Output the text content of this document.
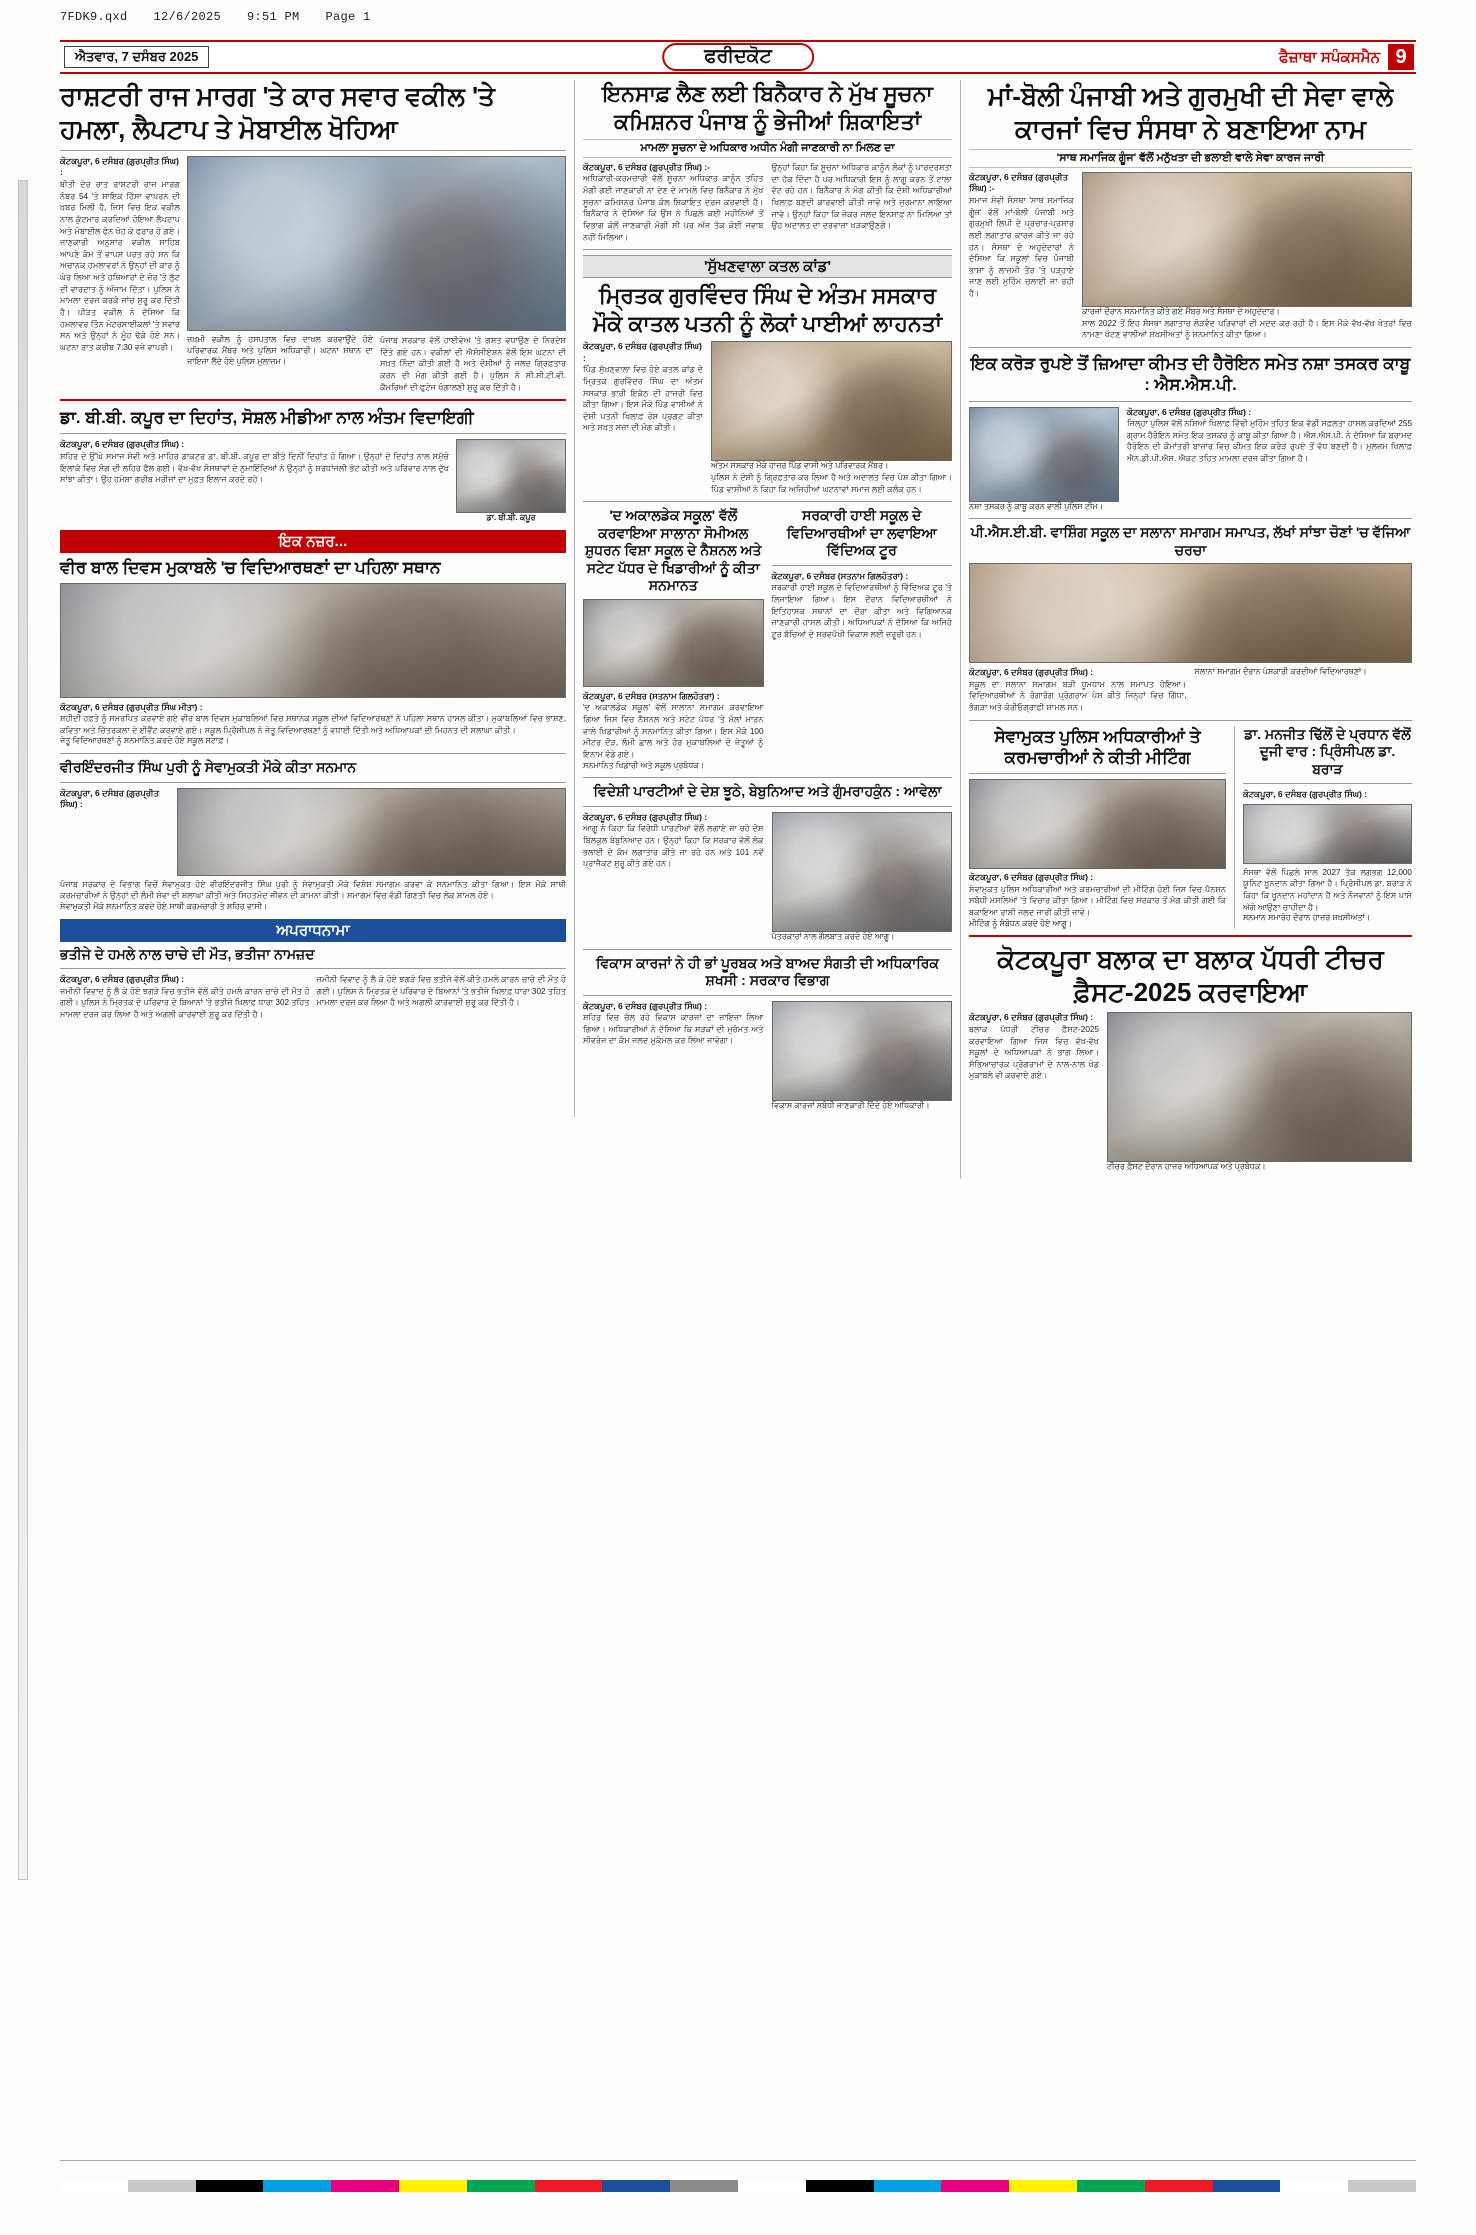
7FDK9.qxd 12/6/2025 9:51 PM Page 1
ਐਤਵਾਰ, 7 ਦਸੰਬਰ 2025	ਫਰੀਦਕੋਟ	ਫੈਜ਼ਾਥਾ ਸਪੰਕਸਮੈਨ 9
ਰਾਸ਼ਟਰੀ ਰਾਜ ਮਾਰਗ 'ਤੇ ਕਾਰ ਸਵਾਰ ਵਕੀਲ 'ਤੇ ਹਮਲਾ, ਲੈਪਟਾਪ ਤੇ ਮੋਬਾਈਲ ਖੋਹਿਆ
ਕੋਟਕਪੂਰਾ, 6 ਦਸੰਬਰ (ਗੁਰਪ੍ਰੀਤ ਸਿੰਘ) :
ਬੀਤੀ ਦੇਰ ਰਾਤ ਰਾਸ਼ਟਰੀ ਰਾਜ ਮਾਰਗ ਨੰਬਰ 54 'ਤੇ ਸਾਇਕ ਹਿੱਸਾ ਵਾਪਰਨ ਦੀ ਖ਼ਬਰ ਮਿਲੀ ਹੈ, ਜਿਸ ਵਿਚ ਇਕ ਵਕੀਲ ਨਾਲ ਕੁੱਟਮਾਰ ਕਰਦਿਆਂ ਹੋਇਆ ਲੈਪਟਾਪ ਅਤੇ ਮੋਬਾਈਲ ਫੋਨ ਖੋਹ ਕੇ ਫਰਾਰ ਹੋ ਗਏ। ਜਾਣਕਾਰੀ ਅਨੁਸਾਰ ਵਕੀਲ ਸਾਹਿਬ ਆਪਣੇ ਕੰਮ ਤੋਂ ਵਾਪਸ ਪਰਤ ਰਹੇ ਸਨ ਕਿ ਅਚਾਨਕ ਹਮਲਾਵਰਾਂ ਨੇ ਉਨ੍ਹਾਂ ਦੀ ਕਾਰ ਨੂੰ ਘੇਰ ਲਿਆ ਅਤੇ ਹਥਿਆਰਾਂ ਦੇ ਜ਼ੋਰ 'ਤੇ ਲੁੱਟ ਦੀ ਵਾਰਦਾਤ ਨੂੰ ਅੰਜਾਮ ਦਿੱਤਾ। ਪੁਲਿਸ ਨੇ ਮਾਮਲਾ ਦਰਜ ਕਰਕੇ ਜਾਂਚ ਸ਼ੁਰੂ ਕਰ ਦਿੱਤੀ ਹੈ। ਪੀੜਤ ਵਕੀਲ ਨੇ ਦੱਸਿਆ ਕਿ ਹਮਲਾਵਰ ਤਿੰਨ ਮੋਟਰਸਾਈਕਲਾਂ 'ਤੇ ਸਵਾਰ ਸਨ ਅਤੇ ਉਨ੍ਹਾਂ ਨੇ ਮੂੰਹ ਢੱਕੇ ਹੋਏ ਸਨ। ਘਟਨਾ ਰਾਤ ਕਰੀਬ 7:30 ਵਜੇ ਵਾਪਰੀ।
ਜ਼ਖ਼ਮੀ ਵਕੀਲ ਨੂੰ ਹਸਪਤਾਲ ਵਿਚ ਦਾਖਲ ਕਰਵਾਉਂਦੇ ਹੋਏ ਪਰਿਵਾਰਕ ਮੈਂਬਰ ਅਤੇ ਪੁਲਿਸ ਅਧਿਕਾਰੀ। ਘਟਨਾ ਸਥਾਨ ਦਾ ਜਾਇਜ਼ਾ ਲੈਂਦੇ ਹੋਏ ਪੁਲਿਸ ਮੁਲਾਜ਼ਮ।
ਪੰਜਾਬ ਸਰਕਾਰ ਵੱਲੋਂ ਹਾਈਵੇਅ 'ਤੇ ਗਸ਼ਤ ਵਧਾਉਣ ਦੇ ਨਿਰਦੇਸ਼ ਦਿੱਤੇ ਗਏ ਹਨ। ਵਕੀਲਾਂ ਦੀ ਐਸੋਸੀਏਸ਼ਨ ਵੱਲੋਂ ਇਸ ਘਟਨਾ ਦੀ ਸਖ਼ਤ ਨਿੰਦਾ ਕੀਤੀ ਗਈ ਹੈ ਅਤੇ ਦੋਸ਼ੀਆਂ ਨੂੰ ਜਲਦ ਗ੍ਰਿਫ਼ਤਾਰ ਕਰਨ ਦੀ ਮੰਗ ਕੀਤੀ ਗਈ ਹੈ। ਪੁਲਿਸ ਨੇ ਸੀ.ਸੀ.ਟੀ.ਵੀ. ਕੈਮਰਿਆਂ ਦੀ ਫੁਟੇਜ ਖੰਗਾਲਣੀ ਸ਼ੁਰੂ ਕਰ ਦਿੱਤੀ ਹੈ।
ਡਾ. ਬੀ.ਬੀ. ਕਪੂਰ ਦਾ ਦਿਹਾਂਤ, ਸੋਸ਼ਲ ਮੀਡੀਆ ਨਾਲ ਅੰਤਮ ਵਿਦਾਇਗੀ
ਕੋਟਕਪੂਰਾ, 6 ਦਸੰਬਰ (ਗੁਰਪ੍ਰੀਤ ਸਿੰਘ) :
ਸ਼ਹਿਰ ਦੇ ਉੱਘੇ ਸਮਾਜ ਸੇਵੀ ਅਤੇ ਮਾਹਿਰ ਡਾਕਟਰ ਡਾ. ਬੀ.ਬੀ. ਕਪੂਰ ਦਾ ਬੀਤੇ ਦਿਨੀਂ ਦਿਹਾਂਤ ਹੋ ਗਿਆ। ਉਨ੍ਹਾਂ ਦੇ ਦਿਹਾਂਤ ਨਾਲ ਸਮੁੱਚੇ ਇਲਾਕੇ ਵਿਚ ਸੋਗ ਦੀ ਲਹਿਰ ਫੈਲ ਗਈ। ਵੱਖ-ਵੱਖ ਸੰਸਥਾਵਾਂ ਦੇ ਨੁਮਾਇੰਦਿਆਂ ਨੇ ਉਨ੍ਹਾਂ ਨੂੰ ਸ਼ਰਧਾਂਜਲੀ ਭੇਟ ਕੀਤੀ ਅਤੇ ਪਰਿਵਾਰ ਨਾਲ ਦੁੱਖ ਸਾਂਝਾ ਕੀਤਾ। ਉਹ ਹਮੇਸ਼ਾ ਗਰੀਬ ਮਰੀਜ਼ਾਂ ਦਾ ਮੁਫ਼ਤ ਇਲਾਜ ਕਰਦੇ ਰਹੇ।
ਡਾ. ਬੀ.ਬੀ. ਕਪੂਰ
ਇਕ ਨਜ਼ਰ...
ਵੀਰ ਬਾਲ ਦਿਵਸ ਮੁਕਾਬਲੇ 'ਚ ਵਿਦਿਆਰਥਣਾਂ ਦਾ ਪਹਿਲਾ ਸਥਾਨ
ਕੋਟਕਪੂਰਾ, 6 ਦਸੰਬਰ (ਗੁਰਪ੍ਰੀਤ ਸਿੰਘ ਮੀਤਾ) :
ਸ਼ਹੀਦੀ ਹਫ਼ਤੇ ਨੂੰ ਸਮਰਪਿਤ ਕਰਵਾਏ ਗਏ ਵੀਰ ਬਾਲ ਦਿਵਸ ਮੁਕਾਬਲਿਆਂ ਵਿਚ ਸਥਾਨਕ ਸਕੂਲ ਦੀਆਂ ਵਿਦਿਆਰਥਣਾਂ ਨੇ ਪਹਿਲਾ ਸਥਾਨ ਹਾਸਲ ਕੀਤਾ। ਮੁਕਾਬਲਿਆਂ ਵਿਚ ਭਾਸ਼ਣ, ਕਵਿਤਾ ਅਤੇ ਚਿੱਤਰਕਲਾ ਦੇ ਈਵੈਂਟ ਕਰਵਾਏ ਗਏ। ਸਕੂਲ ਪ੍ਰਿੰਸੀਪਲ ਨੇ ਜੇਤੂ ਵਿਦਿਆਰਥਣਾਂ ਨੂੰ ਵਧਾਈ ਦਿੱਤੀ ਅਤੇ ਅਧਿਆਪਕਾਂ ਦੀ ਮਿਹਨਤ ਦੀ ਸ਼ਲਾਘਾ ਕੀਤੀ।
ਜੇਤੂ ਵਿਦਿਆਰਥਣਾਂ ਨੂੰ ਸਨਮਾਨਿਤ ਕਰਦੇ ਹੋਏ ਸਕੂਲ ਸਟਾਫ਼।
ਵੀਰਇੰਦਰਜੀਤ ਸਿੰਘ ਪੁਰੀ ਨੂੰ ਸੇਵਾਮੁਕਤੀ ਮੌਕੇ ਕੀਤਾ ਸਨਮਾਨ
ਕੋਟਕਪੂਰਾ, 6 ਦਸੰਬਰ (ਗੁਰਪ੍ਰੀਤ ਸਿੰਘ) :
ਪੰਜਾਬ ਸਰਕਾਰ ਦੇ ਵਿਭਾਗ ਵਿਚੋਂ ਸੇਵਾਮੁਕਤ ਹੋਏ ਵੀਰਇੰਦਰਜੀਤ ਸਿੰਘ ਪੁਰੀ ਨੂੰ ਸੇਵਾਮੁਕਤੀ ਮੌਕੇ ਵਿਸ਼ੇਸ਼ ਸਮਾਗਮ ਕਰਵਾ ਕੇ ਸਨਮਾਨਿਤ ਕੀਤਾ ਗਿਆ। ਇਸ ਮੌਕੇ ਸਾਥੀ ਕਰਮਚਾਰੀਆਂ ਨੇ ਉਨ੍ਹਾਂ ਦੀ ਲੰਮੀ ਸੇਵਾ ਦੀ ਸ਼ਲਾਘਾ ਕੀਤੀ ਅਤੇ ਸਿਹਤਮੰਦ ਜੀਵਨ ਦੀ ਕਾਮਨਾ ਕੀਤੀ। ਸਮਾਗਮ ਵਿਚ ਵੱਡੀ ਗਿਣਤੀ ਵਿਚ ਲੋਕ ਸ਼ਾਮਲ ਹੋਏ।
ਸੇਵਾਮੁਕਤੀ ਮੌਕੇ ਸਨਮਾਨਿਤ ਕਰਦੇ ਹੋਏ ਸਾਥੀ ਕਰਮਚਾਰੀ ਤੇ ਸ਼ਹਿਰ ਵਾਸੀ।
ਅਪਰਾਧਨਾਮਾ
ਭਤੀਜੇ ਦੇ ਹਮਲੇ ਨਾਲ ਚਾਚੇ ਦੀ ਮੌਤ, ਭਤੀਜਾ ਨਾਮਜ਼ਦ
ਕੋਟਕਪੂਰਾ, 6 ਦਸੰਬਰ (ਗੁਰਪ੍ਰੀਤ ਸਿੰਘ) :
ਜ਼ਮੀਨੀ ਵਿਵਾਦ ਨੂੰ ਲੈ ਕੇ ਹੋਏ ਝਗੜੇ ਵਿਚ ਭਤੀਜੇ ਵੱਲੋਂ ਕੀਤੇ ਹਮਲੇ ਕਾਰਨ ਚਾਚੇ ਦੀ ਮੌਤ ਹੋ ਗਈ। ਪੁਲਿਸ ਨੇ ਮ੍ਰਿਤਕ ਦੇ ਪਰਿਵਾਰ ਦੇ ਬਿਆਨਾਂ 'ਤੇ ਭਤੀਜੇ ਖਿਲਾਫ਼ ਧਾਰਾ 302 ਤਹਿਤ ਮਾਮਲਾ ਦਰਜ ਕਰ ਲਿਆ ਹੈ ਅਤੇ ਅਗਲੀ ਕਾਰਵਾਈ ਸ਼ੁਰੂ ਕਰ ਦਿੱਤੀ ਹੈ।
ਜ਼ਮੀਨੀ ਵਿਵਾਦ ਨੂੰ ਲੈ ਕੇ ਹੋਏ ਝਗੜੇ ਵਿਚ ਭਤੀਜੇ ਵੱਲੋਂ ਕੀਤੇ ਹਮਲੇ ਕਾਰਨ ਚਾਚੇ ਦੀ ਮੌਤ ਹੋ ਗਈ। ਪੁਲਿਸ ਨੇ ਮ੍ਰਿਤਕ ਦੇ ਪਰਿਵਾਰ ਦੇ ਬਿਆਨਾਂ 'ਤੇ ਭਤੀਜੇ ਖਿਲਾਫ਼ ਧਾਰਾ 302 ਤਹਿਤ ਮਾਮਲਾ ਦਰਜ ਕਰ ਲਿਆ ਹੈ ਅਤੇ ਅਗਲੀ ਕਾਰਵਾਈ ਸ਼ੁਰੂ ਕਰ ਦਿੱਤੀ ਹੈ।
ਇਨਸਾਫ਼ ਲੈਣ ਲਈ ਬਿਨੈਕਾਰ ਨੇ ਮੁੱਖ ਸੂਚਨਾ ਕਮਿਸ਼ਨਰ ਪੰਜਾਬ ਨੂੰ ਭੇਜੀਆਂ ਸ਼ਿਕਾਇਤਾਂ
ਮਾਮਲਾ ਸੂਚਨਾ ਦੇ ਅਧਿਕਾਰ ਅਧੀਨ ਮੰਗੀ ਜਾਣਕਾਰੀ ਨਾ ਮਿਲਣ ਦਾ
ਕੋਟਕਪੂਰਾ, 6 ਦਸੰਬਰ (ਗੁਰਪ੍ਰੀਤ ਸਿੰਘ) :-
ਅਧਿਕਾਰੀ-ਕਰਮਚਾਰੀ ਵੱਲੋਂ ਸੂਚਨਾ ਅਧਿਕਾਰ ਕਾਨੂੰਨ ਤਹਿਤ ਮੰਗੀ ਗਈ ਜਾਣਕਾਰੀ ਨਾ ਦੇਣ ਦੇ ਮਾਮਲੇ ਵਿਚ ਬਿਨੈਕਾਰ ਨੇ ਮੁੱਖ ਸੂਚਨਾ ਕਮਿਸ਼ਨਰ ਪੰਜਾਬ ਕੋਲ ਸ਼ਿਕਾਇਤ ਦਰਜ ਕਰਵਾਈ ਹੈ। ਬਿਨੈਕਾਰ ਨੇ ਦੱਸਿਆ ਕਿ ਉਸ ਨੇ ਪਿਛਲੇ ਕਈ ਮਹੀਨਿਆਂ ਤੋਂ ਵਿਭਾਗ ਕੋਲੋਂ ਜਾਣਕਾਰੀ ਮੰਗੀ ਸੀ ਪਰ ਅੱਜ ਤੱਕ ਕੋਈ ਜਵਾਬ ਨਹੀਂ ਮਿਲਿਆ।
ਉਨ੍ਹਾਂ ਕਿਹਾ ਕਿ ਸੂਚਨਾ ਅਧਿਕਾਰ ਕਾਨੂੰਨ ਲੋਕਾਂ ਨੂੰ ਪਾਰਦਰਸ਼ਤਾ ਦਾ ਹੱਕ ਦਿੰਦਾ ਹੈ ਪਰ ਅਧਿਕਾਰੀ ਇਸ ਨੂੰ ਲਾਗੂ ਕਰਨ ਤੋਂ ਟਾਲਾ ਵੱਟ ਰਹੇ ਹਨ। ਬਿਨੈਕਾਰ ਨੇ ਮੰਗ ਕੀਤੀ ਕਿ ਦੋਸ਼ੀ ਅਧਿਕਾਰੀਆਂ ਖਿਲਾਫ਼ ਬਣਦੀ ਕਾਰਵਾਈ ਕੀਤੀ ਜਾਵੇ ਅਤੇ ਜੁਰਮਾਨਾ ਲਾਇਆ ਜਾਵੇ। ਉਨ੍ਹਾਂ ਕਿਹਾ ਕਿ ਜੇਕਰ ਜਲਦ ਇਨਸਾਫ਼ ਨਾ ਮਿਲਿਆ ਤਾਂ ਉਹ ਅਦਾਲਤ ਦਾ ਦਰਵਾਜ਼ਾ ਖੜਕਾਉਣਗੇ।
'ਸੁੱਖਣਵਾਲਾ ਕਤਲ ਕਾਂਡ'
ਮ੍ਰਿਤਕ ਗੁਰਵਿੰਦਰ ਸਿੰਘ ਦੇ ਅੰਤਮ ਸਸਕਾਰ ਮੌਕੇ ਕਾਤਲ ਪਤਨੀ ਨੂੰ ਲੋਕਾਂ ਪਾਈਆਂ ਲਾਹਨਤਾਂ
ਕੋਟਕਪੂਰਾ, 6 ਦਸੰਬਰ (ਗੁਰਪ੍ਰੀਤ ਸਿੰਘ) :
ਪਿੰਡ ਸੁੱਖਣਵਾਲਾ ਵਿਚ ਹੋਏ ਕਤਲ ਕਾਂਡ ਦੇ ਮ੍ਰਿਤਕ ਗੁਰਵਿੰਦਰ ਸਿੰਘ ਦਾ ਅੰਤਮ ਸਸਕਾਰ ਭਾਰੀ ਇਕੱਠ ਦੀ ਹਾਜ਼ਰੀ ਵਿਚ ਕੀਤਾ ਗਿਆ। ਇਸ ਮੌਕੇ ਪਿੰਡ ਵਾਸੀਆਂ ਨੇ ਦੋਸ਼ੀ ਪਤਨੀ ਖਿਲਾਫ਼ ਰੋਸ ਪ੍ਰਗਟ ਕੀਤਾ ਅਤੇ ਸਖ਼ਤ ਸਜ਼ਾ ਦੀ ਮੰਗ ਕੀਤੀ।
ਅੰਤਮ ਸਸਕਾਰ ਮੌਕੇ ਹਾਜ਼ਰ ਪਿੰਡ ਵਾਸੀ ਅਤੇ ਪਰਿਵਾਰਕ ਮੈਂਬਰ।
ਪੁਲਿਸ ਨੇ ਦੋਸ਼ੀ ਨੂੰ ਗ੍ਰਿਫ਼ਤਾਰ ਕਰ ਲਿਆ ਹੈ ਅਤੇ ਅਦਾਲਤ ਵਿਚ ਪੇਸ਼ ਕੀਤਾ ਗਿਆ। ਪਿੰਡ ਵਾਸੀਆਂ ਨੇ ਕਿਹਾ ਕਿ ਅਜਿਹੀਆਂ ਘਟਨਾਵਾਂ ਸਮਾਜ ਲਈ ਕਲੰਕ ਹਨ।
'ਦ ਅਕਾਲਡੇਕ ਸਕੂਲ' ਵੱਲੋਂ ਕਰਵਾਇਆ ਸਾਲਾਨਾ ਸੋਮੀਅਲ ਸ਼ੁਧਰਨ ਵਿਸ਼ਾ ਸਕੂਲ ਦੇ ਨੈਸ਼ਨਲ ਅਤੇ ਸਟੇਟ ਪੱਧਰ ਦੇ ਖਿਡਾਰੀਆਂ ਨੂੰ ਕੀਤਾ ਸਨਮਾਨਤ
ਕੋਟਕਪੂਰਾ, 6 ਦਸੰਬਰ (ਸਤਨਾਮ ਗਿਲਹੋਤਰਾ) :
'ਦ ਅਕਾਲਡੇਕ ਸਕੂਲ' ਵੱਲੋਂ ਸਾਲਾਨਾ ਸਮਾਗਮ ਕਰਵਾਇਆ ਗਿਆ ਜਿਸ ਵਿਚ ਨੈਸ਼ਨਲ ਅਤੇ ਸਟੇਟ ਪੱਧਰ 'ਤੇ ਮੱਲਾਂ ਮਾਰਨ ਵਾਲੇ ਖਿਡਾਰੀਆਂ ਨੂੰ ਸਨਮਾਨਿਤ ਕੀਤਾ ਗਿਆ। ਇਸ ਮੌਕੇ 100 ਮੀਟਰ ਦੌੜ, ਲੰਮੀ ਛਾਲ ਅਤੇ ਹੋਰ ਮੁਕਾਬਲਿਆਂ ਦੇ ਜੇਤੂਆਂ ਨੂੰ ਇਨਾਮ ਵੰਡੇ ਗਏ।
ਸਨਮਾਨਿਤ ਖਿਡਾਰੀ ਅਤੇ ਸਕੂਲ ਪ੍ਰਬੰਧਕ।
ਸਰਕਾਰੀ ਹਾਈ ਸਕੂਲ ਦੇ ਵਿਦਿਆਰਥੀਆਂ ਦਾ ਲਵਾਇਆ ਵਿੱਦਿਅਕ ਟੂਰ
ਕੋਟਕਪੂਰਾ, 6 ਦਸੰਬਰ (ਸਤਨਾਮ ਗਿਲਹੋਤਰਾ) :
ਸਰਕਾਰੀ ਹਾਈ ਸਕੂਲ ਦੇ ਵਿਦਿਆਰਥੀਆਂ ਨੂੰ ਵਿੱਦਿਅਕ ਟੂਰ 'ਤੇ ਲਿਜਾਇਆ ਗਿਆ। ਇਸ ਦੌਰਾਨ ਵਿਦਿਆਰਥੀਆਂ ਨੇ ਇਤਿਹਾਸਕ ਸਥਾਨਾਂ ਦਾ ਦੌਰਾ ਕੀਤਾ ਅਤੇ ਵਿਗਿਆਨਕ ਜਾਣਕਾਰੀ ਹਾਸਲ ਕੀਤੀ। ਅਧਿਆਪਕਾਂ ਨੇ ਦੱਸਿਆ ਕਿ ਅਜਿਹੇ ਟੂਰ ਬੱਚਿਆਂ ਦੇ ਸਰਵਪੱਖੀ ਵਿਕਾਸ ਲਈ ਜ਼ਰੂਰੀ ਹਨ।
ਵਿਦੇਸ਼ੀ ਪਾਰਟੀਆਂ ਦੇ ਦੇਸ਼ ਝੂਠੇ, ਬੇਬੁਨਿਆਦ ਅਤੇ ਗੁੰਮਰਾਹਕੁੰਨ : ਆਵੇਲਾ
ਕੋਟਕਪੂਰਾ, 6 ਦਸੰਬਰ (ਗੁਰਪ੍ਰੀਤ ਸਿੰਘ) :
ਆਗੂ ਨੇ ਕਿਹਾ ਕਿ ਵਿਰੋਧੀ ਪਾਰਟੀਆਂ ਵੱਲੋਂ ਲਗਾਏ ਜਾ ਰਹੇ ਦੋਸ਼ ਬਿਲਕੁਲ ਬੇਬੁਨਿਆਦ ਹਨ। ਉਨ੍ਹਾਂ ਕਿਹਾ ਕਿ ਸਰਕਾਰ ਵੱਲੋਂ ਲੋਕ ਭਲਾਈ ਦੇ ਕੰਮ ਲਗਾਤਾਰ ਕੀਤੇ ਜਾ ਰਹੇ ਹਨ ਅਤੇ 101 ਨਵੇਂ ਪ੍ਰਾਜੈਕਟ ਸ਼ੁਰੂ ਕੀਤੇ ਗਏ ਹਨ।
ਪੱਤਰਕਾਰਾਂ ਨਾਲ ਗੱਲਬਾਤ ਕਰਦੇ ਹੋਏ ਆਗੂ।
ਵਿਕਾਸ ਕਾਰਜਾਂ ਨੇ ਹੀ ਭਾਂ ਪੂਰਬਕ ਅਤੇ ਬਾਅਦ ਸੰਗਤੀ ਦੀ ਅਧਿਕਾਰਿਕ ਸ਼ਖਸੀ : ਸਰਕਾਰ ਵਿਭਾਗ
ਕੋਟਕਪੂਰਾ, 6 ਦਸੰਬਰ (ਗੁਰਪ੍ਰੀਤ ਸਿੰਘ) :
ਸ਼ਹਿਰ ਵਿਚ ਚੱਲ ਰਹੇ ਵਿਕਾਸ ਕਾਰਜਾਂ ਦਾ ਜਾਇਜ਼ਾ ਲਿਆ ਗਿਆ। ਅਧਿਕਾਰੀਆਂ ਨੇ ਦੱਸਿਆ ਕਿ ਸੜਕਾਂ ਦੀ ਮੁਰੰਮਤ ਅਤੇ ਸੀਵਰੇਜ ਦਾ ਕੰਮ ਜਲਦ ਮੁਕੰਮਲ ਕਰ ਲਿਆ ਜਾਵੇਗਾ।
ਵਿਕਾਸ ਕਾਰਜਾਂ ਸਬੰਧੀ ਜਾਣਕਾਰੀ ਦਿੰਦੇ ਹੋਏ ਅਧਿਕਾਰੀ।
ਮਾਂ-ਬੋਲੀ ਪੰਜਾਬੀ ਅਤੇ ਗੁਰਮੁਖੀ ਦੀ ਸੇਵਾ ਵਾਲੇ ਕਾਰਜਾਂ ਵਿਚ ਸੰਸਥਾ ਨੇ ਬਣਾਇਆ ਨਾਮ
'ਸਾਥ ਸਮਾਜਿਕ ਗੂੰਜ' ਵੱਲੋਂ ਮਨੁੱਖਤਾ ਦੀ ਭਲਾਈ ਵਾਲੇ ਸੇਵਾ ਕਾਰਜ ਜਾਰੀ
ਕੋਟਕਪੂਰਾ, 6 ਦਸੰਬਰ (ਗੁਰਪ੍ਰੀਤ ਸਿੰਘ) :-
ਸਮਾਜ ਸੇਵੀ ਸੰਸਥਾ 'ਸਾਥ ਸਮਾਜਿਕ ਗੂੰਜ' ਵੱਲੋਂ ਮਾਂ-ਬੋਲੀ ਪੰਜਾਬੀ ਅਤੇ ਗੁਰਮੁਖੀ ਲਿਪੀ ਦੇ ਪ੍ਰਚਾਰ-ਪ੍ਰਸਾਰ ਲਈ ਲਗਾਤਾਰ ਕਾਰਜ ਕੀਤੇ ਜਾ ਰਹੇ ਹਨ। ਸੰਸਥਾ ਦੇ ਅਹੁਦੇਦਾਰਾਂ ਨੇ ਦੱਸਿਆ ਕਿ ਸਕੂਲਾਂ ਵਿਚ ਪੰਜਾਬੀ ਭਾਸ਼ਾ ਨੂੰ ਲਾਜ਼ਮੀ ਤੌਰ 'ਤੇ ਪੜ੍ਹਾਏ ਜਾਣ ਲਈ ਮੁਹਿੰਮ ਚਲਾਈ ਜਾ ਰਹੀ ਹੈ।
ਕਾਰਜਾਂ ਦੌਰਾਨ ਸਨਮਾਨਿਤ ਕੀਤੇ ਗਏ ਮੈਂਬਰ ਅਤੇ ਸੰਸਥਾ ਦੇ ਅਹੁਦੇਦਾਰ।
ਸਾਲ 2022 ਤੋਂ ਇਹ ਸੰਸਥਾ ਲਗਾਤਾਰ ਲੋੜਵੰਦ ਪਰਿਵਾਰਾਂ ਦੀ ਮਦਦ ਕਰ ਰਹੀ ਹੈ। ਇਸ ਮੌਕੇ ਵੱਖ-ਵੱਖ ਖੇਤਰਾਂ ਵਿਚ ਨਾਮਣਾ ਖੱਟਣ ਵਾਲੀਆਂ ਸ਼ਖ਼ਸੀਅਤਾਂ ਨੂੰ ਸਨਮਾਨਿਤ ਕੀਤਾ ਗਿਆ।
ਇਕ ਕਰੋੜ ਰੁਪਏ ਤੋਂ ਜ਼ਿਆਦਾ ਕੀਮਤ ਦੀ ਹੈਰੋਇਨ ਸਮੇਤ ਨਸ਼ਾ ਤਸਕਰ ਕਾਬੂ : ਐਸ.ਐਸ.ਪੀ.
ਨਸ਼ਾ ਤਸਕਰ ਨੂੰ ਕਾਬੂ ਕਰਨ ਵਾਲੀ ਪੁਲਿਸ ਟੀਮ।
ਕੋਟਕਪੂਰਾ, 6 ਦਸੰਬਰ (ਗੁਰਪ੍ਰੀਤ ਸਿੰਘ) :
ਜ਼ਿਲ੍ਹਾ ਪੁਲਿਸ ਵੱਲੋਂ ਨਸ਼ਿਆਂ ਖਿਲਾਫ਼ ਵਿੱਢੀ ਮੁਹਿੰਮ ਤਹਿਤ ਇਕ ਵੱਡੀ ਸਫ਼ਲਤਾ ਹਾਸਲ ਕਰਦਿਆਂ 255 ਗ੍ਰਾਮ ਹੈਰੋਇਨ ਸਮੇਤ ਇਕ ਤਸਕਰ ਨੂੰ ਕਾਬੂ ਕੀਤਾ ਗਿਆ ਹੈ। ਐਸ.ਐਸ.ਪੀ. ਨੇ ਦੱਸਿਆ ਕਿ ਬਰਾਮਦ ਹੈਰੋਇਨ ਦੀ ਕੌਮਾਂਤਰੀ ਬਾਜ਼ਾਰ ਵਿਚ ਕੀਮਤ ਇਕ ਕਰੋੜ ਰੁਪਏ ਤੋਂ ਵੱਧ ਬਣਦੀ ਹੈ। ਮੁਲਜ਼ਮ ਖਿਲਾਫ਼ ਐਨ.ਡੀ.ਪੀ.ਐਸ. ਐਕਟ ਤਹਿਤ ਮਾਮਲਾ ਦਰਜ ਕੀਤਾ ਗਿਆ ਹੈ।
ਪੀ.ਐਸ.ਈ.ਬੀ. ਵਾਸ਼ਿੰਗ ਸਕੂਲ ਦਾ ਸਲਾਨਾ ਸਮਾਗਮ ਸਮਾਪਤ, ਲੱਖਾਂ ਸਾਂਝਾ ਚੋਣਾਂ 'ਚ ਵੱਜਿਆ ਚਰਚਾ
ਕੋਟਕਪੂਰਾ, 6 ਦਸੰਬਰ (ਗੁਰਪ੍ਰੀਤ ਸਿੰਘ) :
ਸਕੂਲ ਦਾ ਸਲਾਨਾ ਸਮਾਗਮ ਬੜੀ ਧੂਮਧਾਮ ਨਾਲ ਸਮਾਪਤ ਹੋਇਆ। ਵਿਦਿਆਰਥੀਆਂ ਨੇ ਰੰਗਾਰੰਗ ਪ੍ਰੋਗਰਾਮ ਪੇਸ਼ ਕੀਤੇ ਜਿਨ੍ਹਾਂ ਵਿਚ ਗਿੱਧਾ, ਭੰਗੜਾ ਅਤੇ ਕੋਰੀਓਗ੍ਰਾਫੀ ਸ਼ਾਮਲ ਸਨ।
ਸਲਾਨਾ ਸਮਾਗਮ ਦੌਰਾਨ ਪੇਸ਼ਕਾਰੀ ਕਰਦੀਆਂ ਵਿਦਿਆਰਥਣਾਂ।
ਸੇਵਾਮੁਕਤ ਪੁਲਿਸ ਅਧਿਕਾਰੀਆਂ ਤੇ ਕਰਮਚਾਰੀਆਂ ਨੇ ਕੀਤੀ ਮੀਟਿੰਗ
ਕੋਟਕਪੂਰਾ, 6 ਦਸੰਬਰ (ਗੁਰਪ੍ਰੀਤ ਸਿੰਘ) :
ਸੇਵਾਮੁਕਤ ਪੁਲਿਸ ਅਧਿਕਾਰੀਆਂ ਅਤੇ ਕਰਮਚਾਰੀਆਂ ਦੀ ਮੀਟਿੰਗ ਹੋਈ ਜਿਸ ਵਿਚ ਪੈਨਸ਼ਨ ਸਬੰਧੀ ਮਸਲਿਆਂ 'ਤੇ ਵਿਚਾਰ ਕੀਤਾ ਗਿਆ। ਮੀਟਿੰਗ ਵਿਚ ਸਰਕਾਰ ਤੋਂ ਮੰਗ ਕੀਤੀ ਗਈ ਕਿ ਬਕਾਇਆ ਰਾਸ਼ੀ ਜਲਦ ਜਾਰੀ ਕੀਤੀ ਜਾਵੇ।
ਮੀਟਿੰਗ ਨੂੰ ਸੰਬੋਧਨ ਕਰਦੇ ਹੋਏ ਆਗੂ।
ਡਾ. ਮਨਜੀਤ ਢਿੱਲੋਂ ਦੇ ਪ੍ਰਧਾਨ ਵੱਲੋਂ ਦੂਜੀ ਵਾਰ : ਪ੍ਰਿੰਸੀਪਲ ਡਾ. ਬਰਾੜ
ਕੋਟਕਪੂਰਾ, 6 ਦਸੰਬਰ (ਗੁਰਪ੍ਰੀਤ ਸਿੰਘ) :
ਸੰਸਥਾ ਵੱਲੋਂ ਪਿਛਲੇ ਸਾਲ 2027 ਤੱਕ ਲਗਭਗ 12,000 ਯੂਨਿਟ ਖ਼ੂਨਦਾਨ ਕੀਤਾ ਗਿਆ ਹੈ। ਪ੍ਰਿੰਸੀਪਲ ਡਾ. ਬਰਾੜ ਨੇ ਕਿਹਾ ਕਿ ਖ਼ੂਨਦਾਨ ਮਹਾਂਦਾਨ ਹੈ ਅਤੇ ਨੌਜਵਾਨਾਂ ਨੂੰ ਇਸ ਪਾਸੇ ਅੱਗੇ ਆਉਣਾ ਚਾਹੀਦਾ ਹੈ।
ਸਨਮਾਨ ਸਮਾਰੋਹ ਦੌਰਾਨ ਹਾਜ਼ਰ ਸ਼ਖ਼ਸੀਅਤਾਂ।
ਕੋਟਕਪੂਰਾ ਬਲਾਕ ਦਾ ਬਲਾਕ ਪੱਧਰੀ ਟੀਚਰ ਫ਼ੈਸਟ-2025 ਕਰਵਾਇਆ
ਕੋਟਕਪੂਰਾ, 6 ਦਸੰਬਰ (ਗੁਰਪ੍ਰੀਤ ਸਿੰਘ) :
ਬਲਾਕ ਪੱਧਰੀ ਟੀਚਰ ਫ਼ੈਸਟ-2025 ਕਰਵਾਇਆ ਗਿਆ ਜਿਸ ਵਿਚ ਵੱਖ-ਵੱਖ ਸਕੂਲਾਂ ਦੇ ਅਧਿਆਪਕਾਂ ਨੇ ਭਾਗ ਲਿਆ। ਸੱਭਿਆਚਾਰਕ ਪ੍ਰੋਗਰਾਮਾਂ ਦੇ ਨਾਲ-ਨਾਲ ਖੇਡ ਮੁਕਾਬਲੇ ਵੀ ਕਰਵਾਏ ਗਏ।
ਟੀਚਰ ਫ਼ੈਸਟ ਦੌਰਾਨ ਹਾਜ਼ਰ ਅਧਿਆਪਕ ਅਤੇ ਪ੍ਰਬੰਧਕ।
